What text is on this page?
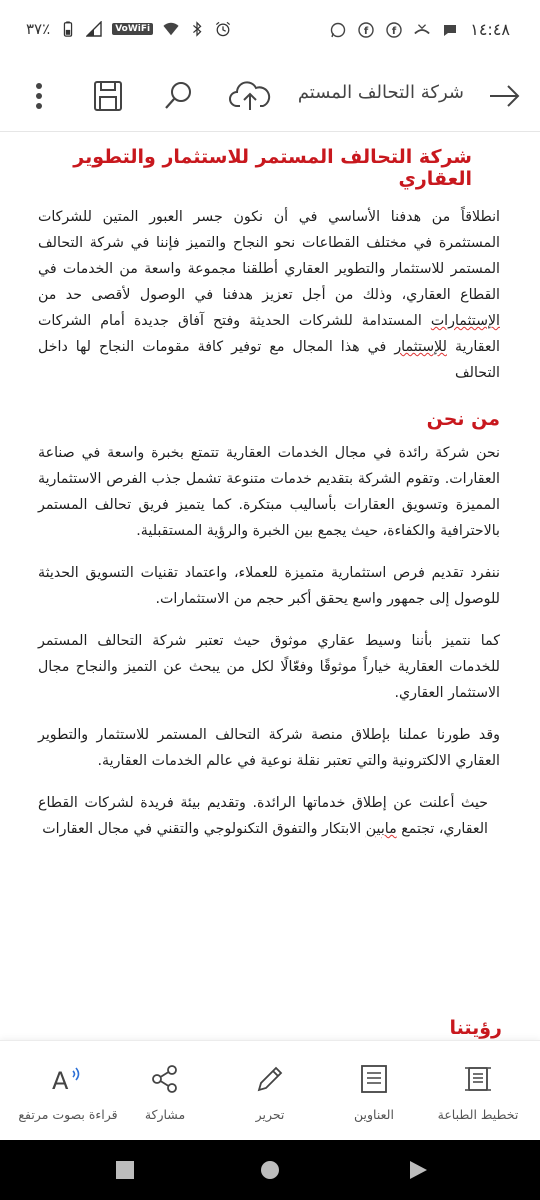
٣٧٪	VoWiFi	f f	١٤:٤٨
شركة التحالف المستم
شركة التحالف المستمر للاستثمار والتطوير العقاري

انطلاقاً من هدفنا الأساسي في أن نكون جسر العبور المتين للشركات المستثمرة في مختلف القطاعات نحو النجاح والتميز فإننا في شركة التحالف المستمر للاستثمار والتطوير العقاري أطلقنا مجموعة واسعة من الخدمات في القطاع العقاري، وذلك من أجل تعزيز هدفنا في الوصول لأقصى حد من الإستثمارات المستدامة للشركات الحديثة وفتح آفاق جديدة أمام الشركات العقارية للإستثمار في هذا المجال مع توفير كافة مقومات النجاح لها داخل التحالف

من نحن

نحن شركة رائدة في مجال الخدمات العقارية تتمتع بخبرة واسعة في صناعة العقارات. وتقوم الشركة بتقديم خدمات متنوعة تشمل جذب الفرص الاستثمارية المميزة وتسويق العقارات بأساليب مبتكرة. كما يتميز فريق تحالف المستمر بالاحترافية والكفاءة، حيث يجمع بين الخبرة والرؤية المستقبلية.

ننفرد تقديم فرص استثمارية متميزة للعملاء، واعتماد تقنيات التسويق الحديثة للوصول إلى جمهور واسع يحقق أكبر حجم من الاستثمارات.

كما نتميز بأننا وسيط عقاري موثوق حيث تعتبر شركة التحالف المستمر للخدمات العقارية خياراً موثوقًا وفعّالًا لكل من يبحث عن التميز والنجاح مجال الاستثمار العقاري.

وقد طورنا عملنا بإطلاق منصة شركة التحالف المستمر للاستثمار والتطوير العقاري الالكترونية والتي تعتبر نقلة نوعية في عالم الخدمات العقارية.

حيث أعلنت عن إطلاق خدماتها الرائدة. وتقديم بيئة فريدة لشركات القطاع العقاري، تجتمع مابين الابتكار والتفوق التكنولوجي والتقني في مجال العقارات

رؤيتنا
A
قراءة بصوت مرتفع	مشاركة	تحرير	العناوين	تخطيط الطباعة
